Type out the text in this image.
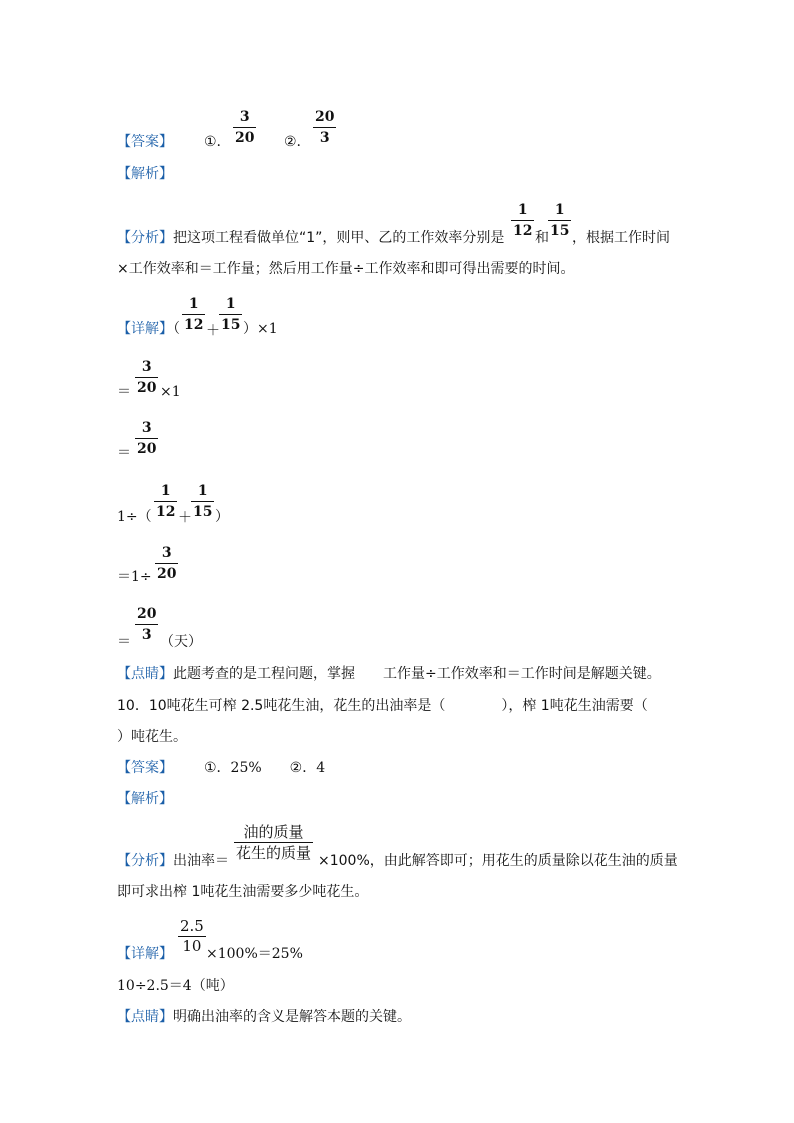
【答案】 ①.
3
20 ②.
20
3
【解析】
【分析】把这项工程看做单位“1”，则甲、乙的工作效率分别是
1
12 和
1
15 ，根据工作时间
×工作效率和＝工作量；然后用工作量÷工作效率和即可得出需要的时间。
【详解】（
1
12 ＋
1
15 ）×1
＝
3
20 ×1
＝
3
20
1÷（
1
12 ＋
1
15 ）
＝1÷
3
20
＝
20
3 （天）
【点睛】此题考查的是工程问题，掌握　　工作量÷工作效率和＝工作时间是解题关键。
10．10吨花生可榨 2.5吨花生油，花生的出油率是（　　　　），榨 1吨花生油需要（
）吨花生。
【答案】 ①．25%　　②．4
【解析】
【分析】出油率＝
油的质量
花生的质量 ×100%，由此解答即可；用花生的质量除以花生油的质量
即可求出榨 1吨花生油需要多少吨花生。
【详解】
2.5
10 ×100%＝25%
10÷2.5＝4（吨）
【点睛】明确出油率的含义是解答本题的关键。
